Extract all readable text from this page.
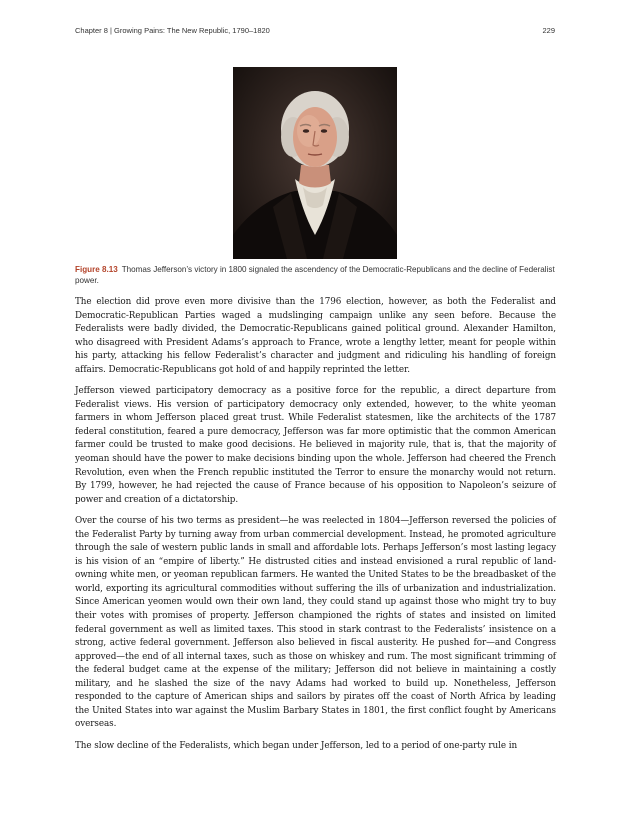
Chapter 8 | Growing Pains: The New Republic, 1790–1820	229
Figure 8.13 Thomas Jefferson’s victory in 1800 signaled the ascendency of the Democratic-Republicans and the decline of Federalist power.

The election did prove even more divisive than the 1796 election, however, as both the Federalist and Democratic-Republican Parties waged a mudslinging campaign unlike any seen before. Because the Federalists were badly divided, the Democratic-Republicans gained political ground. Alexander Hamilton, who disagreed with President Adams’s approach to France, wrote a lengthy letter, meant for people within his party, attacking his fellow Federalist’s character and judgment and ridiculing his handling of foreign affairs. Democratic-Republicans got hold of and happily reprinted the letter.

Jefferson viewed participatory democracy as a positive force for the republic, a direct departure from Federalist views. His version of participatory democracy only extended, however, to the white yeoman farmers in whom Jefferson placed great trust. While Federalist statesmen, like the architects of the 1787 federal constitution, feared a pure democracy, Jefferson was far more optimistic that the common American farmer could be trusted to make good decisions. He believed in majority rule, that is, that the majority of yeoman should have the power to make decisions binding upon the whole. Jefferson had cheered the French Revolution, even when the French republic instituted the Terror to ensure the monarchy would not return. By 1799, however, he had rejected the cause of France because of his opposition to Napoleon’s seizure of power and creation of a dictatorship.

Over the course of his two terms as president—he was reelected in 1804—Jefferson reversed the policies of the Federalist Party by turning away from urban commercial development. Instead, he promoted agriculture through the sale of western public lands in small and affordable lots. Perhaps Jefferson’s most lasting legacy is his vision of an “empire of liberty.” He distrusted cities and instead envisioned a rural republic of land-owning white men, or yeoman republican farmers. He wanted the United States to be the breadbasket of the world, exporting its agricultural commodities without suffering the ills of urbanization and industrialization. Since American yeomen would own their own land, they could stand up against those who might try to buy their votes with promises of property. Jefferson championed the rights of states and insisted on limited federal government as well as limited taxes. This stood in stark contrast to the Federalists’ insistence on a strong, active federal government. Jefferson also believed in fiscal austerity. He pushed for—and Congress approved—the end of all internal taxes, such as those on whiskey and rum. The most significant trimming of the federal budget came at the expense of the military; Jefferson did not believe in maintaining a costly military, and he slashed the size of the navy Adams had worked to build up. Nonetheless, Jefferson responded to the capture of American ships and sailors by pirates off the coast of North Africa by leading the United States into war against the Muslim Barbary States in 1801, the first conflict fought by Americans overseas.

The slow decline of the Federalists, which began under Jefferson, led to a period of one-party rule in
